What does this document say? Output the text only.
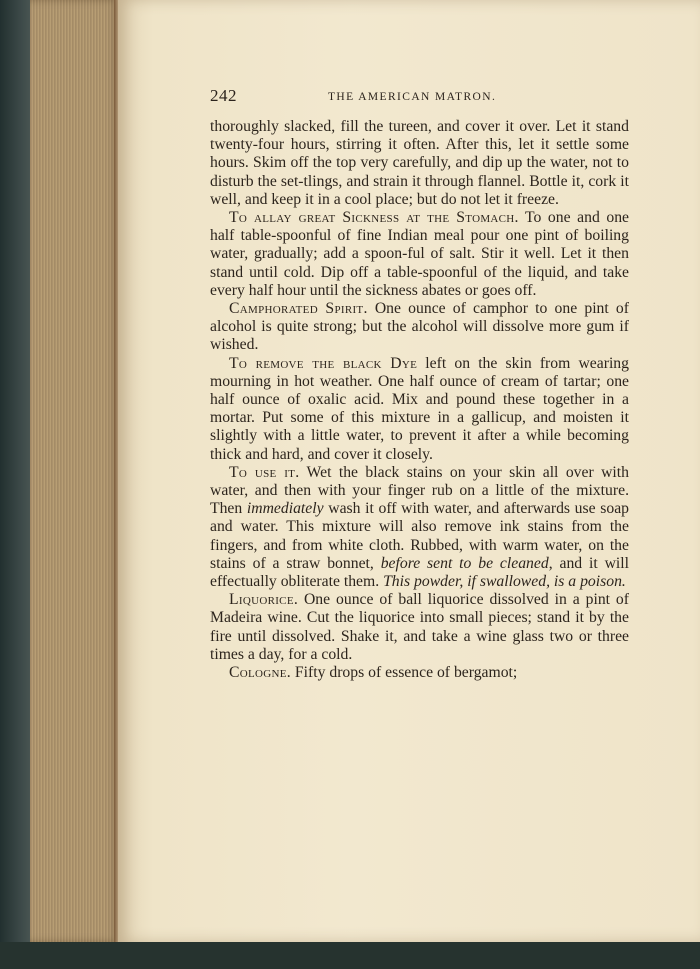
242	THE AMERICAN MATRON.

thoroughly slacked, fill the tureen, and cover it over. Let it stand twenty-four hours, stirring it often. After this, let it settle some hours. Skim off the top very carefully, and dip up the water, not to disturb the set-tlings, and strain it through flannel. Bottle it, cork it well, and keep it in a cool place; but do not let it freeze.

To allay great Sickness at the Stomach. To one and one half table-spoonful of fine Indian meal pour one pint of boiling water, gradually; add a spoon-ful of salt. Stir it well. Let it then stand until cold. Dip off a table-spoonful of the liquid, and take every half hour until the sickness abates or goes off.

Camphorated Spirit. One ounce of camphor to one pint of alcohol is quite strong; but the alcohol will dissolve more gum if wished.

To remove the black Dye left on the skin from wearing mourning in hot weather. One half ounce of cream of tartar; one half ounce of oxalic acid. Mix and pound these together in a mortar. Put some of this mixture in a gallicup, and moisten it slightly with a little water, to prevent it after a while becoming thick and hard, and cover it closely.

To use it. Wet the black stains on your skin all over with water, and then with your finger rub on a little of the mixture. Then immediately wash it off with water, and afterwards use soap and water. This mixture will also remove ink stains from the fingers, and from white cloth. Rubbed, with warm water, on the stains of a straw bonnet, before sent to be cleaned, and it will effectually obliterate them. This powder, if swallowed, is a poison.

Liquorice. One ounce of ball liquorice dissolved in a pint of Madeira wine. Cut the liquorice into small pieces; stand it by the fire until dissolved. Shake it, and take a wine glass two or three times a day, for a cold.

Cologne. Fifty drops of essence of bergamot;
